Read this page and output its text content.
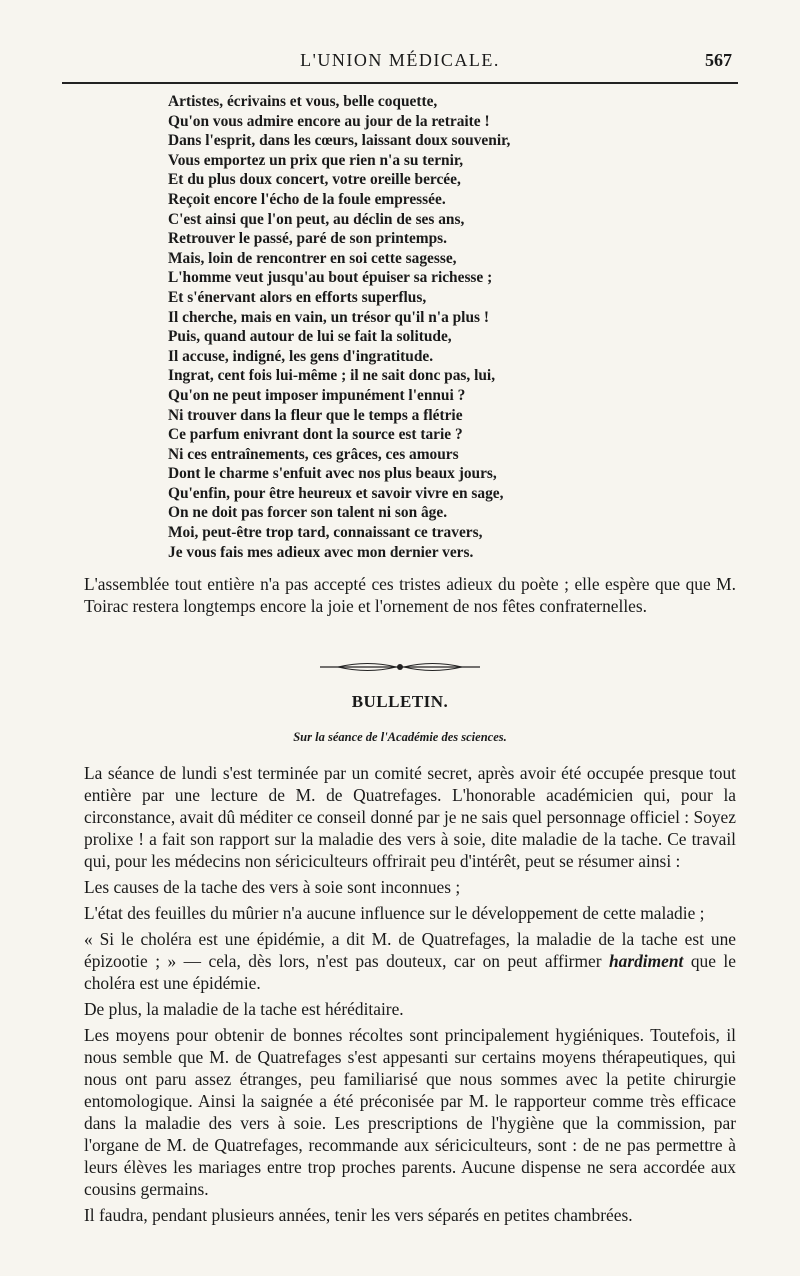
L'UNION MÉDICALE.	567
Artistes, écrivains et vous, belle coquette,
Qu'on vous admire encore au jour de la retraite !
Dans l'esprit, dans les cœurs, laissant doux souvenir,
Vous emportez un prix que rien n'a su ternir,
Et du plus doux concert, votre oreille bercée,
Reçoit encore l'écho de la foule empressée.
C'est ainsi que l'on peut, au déclin de ses ans,
Retrouver le passé, paré de son printemps.
Mais, loin de rencontrer en soi cette sagesse,
L'homme veut jusqu'au bout épuiser sa richesse ;
Et s'énervant alors en efforts superflus,
Il cherche, mais en vain, un trésor qu'il n'a plus !
Puis, quand autour de lui se fait la solitude,
Il accuse, indigné, les gens d'ingratitude.
Ingrat, cent fois lui-même ; il ne sait donc pas, lui,
Qu'on ne peut imposer impunément l'ennui ?
Ni trouver dans la fleur que le temps a flétrie
Ce parfum enivrant dont la source est tarie ?
Ni ces entraînements, ces grâces, ces amours
Dont le charme s'enfuit avec nos plus beaux jours,
Qu'enfin, pour être heureux et savoir vivre en sage,
On ne doit pas forcer son talent ni son âge.
Moi, peut-être trop tard, connaissant ce travers,
Je vous fais mes adieux avec mon dernier vers.

L'assemblée tout entière n'a pas accepté ces tristes adieux du poète ; elle espère que que M. Toirac restera longtemps encore la joie et l'ornement de nos fêtes confraternelles.

BULLETIN.
Sur la séance de l'Académie des sciences.

La séance de lundi s'est terminée par un comité secret, après avoir été occupée presque tout entière par une lecture de M. de Quatrefages. L'honorable académicien qui, pour la circonstance, avait dû méditer ce conseil donné par je ne sais quel personnage officiel : Soyez prolixe ! a fait son rapport sur la maladie des vers à soie, dite maladie de la tache. Ce travail qui, pour les médecins non sériciculteurs offrirait peu d'intérêt, peut se résumer ainsi :

Les causes de la tache des vers à soie sont inconnues ;

L'état des feuilles du mûrier n'a aucune influence sur le développement de cette maladie ;

« Si le choléra est une épidémie, a dit M. de Quatrefages, la maladie de la tache est une épizootie ; » — cela, dès lors, n'est pas douteux, car on peut affirmer hardiment que le choléra est une épidémie.

De plus, la maladie de la tache est héréditaire.

Les moyens pour obtenir de bonnes récoltes sont principalement hygiéniques. Toutefois, il nous semble que M. de Quatrefages s'est appesanti sur certains moyens thérapeutiques, qui nous ont paru assez étranges, peu familiarisé que nous sommes avec la petite chirurgie entomologique. Ainsi la saignée a été préconisée par M. le rapporteur comme très efficace dans la maladie des vers à soie. Les prescriptions de l'hygiène que la commission, par l'organe de M. de Quatrefages, recommande aux sériciculteurs, sont : de ne pas permettre à leurs élèves les mariages entre trop proches parents. Aucune dispense ne sera accordée aux cousins germains.

Il faudra, pendant plusieurs années, tenir les vers séparés en petites chambrées.
